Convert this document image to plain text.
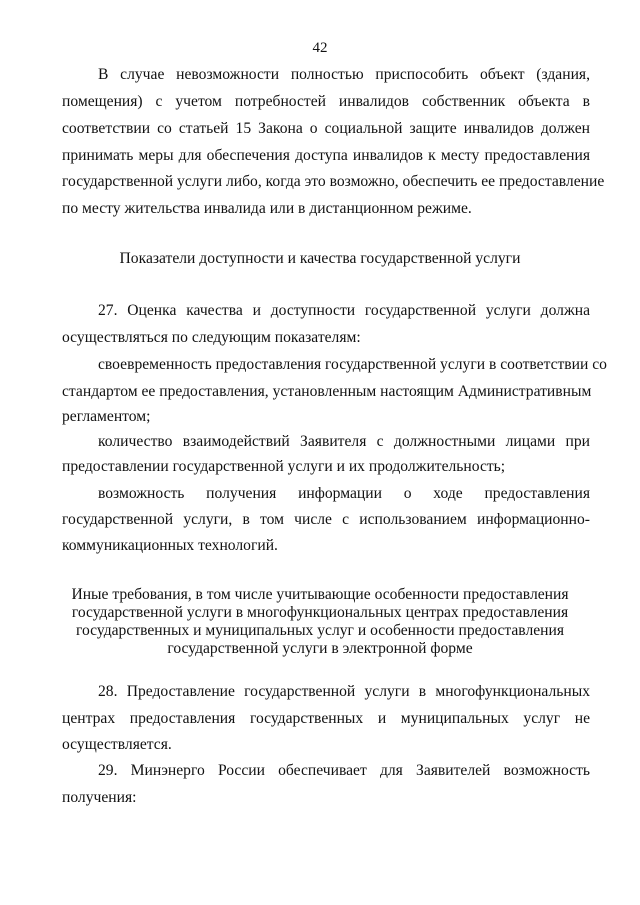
42
В случае невозможности полностью приспособить объект (здания,
помещения) с учетом потребностей инвалидов собственник объекта в
соответствии со статьей 15 Закона о социальной защите инвалидов должен
принимать меры для обеспечения доступа инвалидов к месту предоставления
государственной услуги либо, когда это возможно, обеспечить ее предоставление
по месту жительства инвалида или в дистанционном режиме.
Показатели доступности и качества государственной услуги
27. Оценка качества и доступности государственной услуги должна
осуществляться по следующим показателям:
своевременность предоставления государственной услуги в соответствии со
стандартом ее предоставления, установленным настоящим Административным
регламентом;
количество взаимодействий Заявителя с должностными лицами при
предоставлении государственной услуги и их продолжительность;
возможность получения информации о ходе предоставления
государственной услуги, в том числе с использованием информационно-
коммуникационных технологий.
Иные требования, в том числе учитывающие особенности предоставления
государственной услуги в многофункциональных центрах предоставления
государственных и муниципальных услуг и особенности предоставления
государственной услуги в электронной форме
28. Предоставление государственной услуги в многофункциональных
центрах предоставления государственных и муниципальных услуг не
осуществляется.
29. Минэнерго России обеспечивает для Заявителей возможность
получения:
